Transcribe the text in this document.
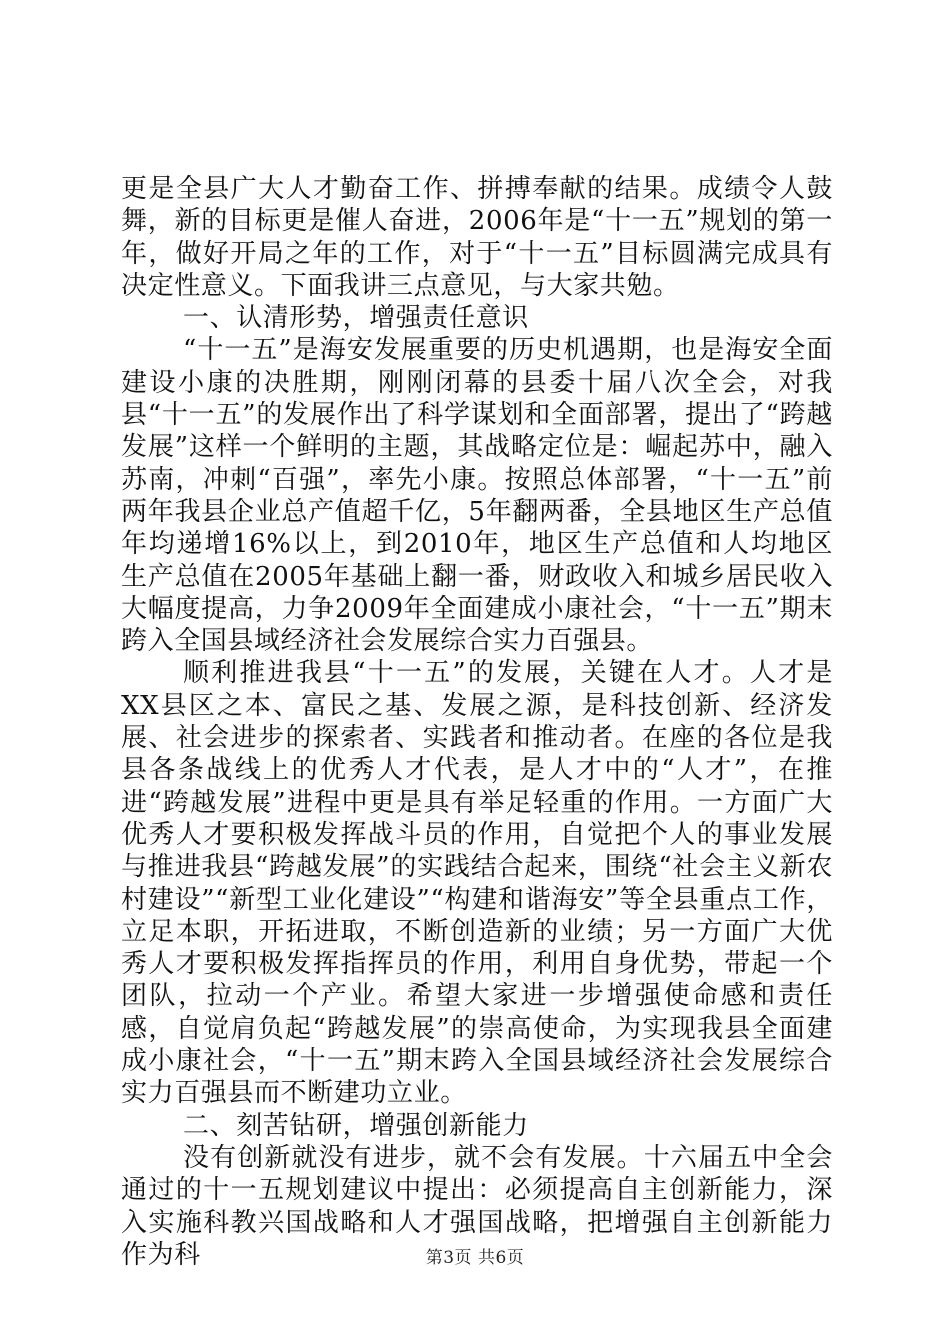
更是全县广大人才勤奋工作、拼搏奉献的结果。成绩令人鼓舞，新的目标更是催人奋进，2006年是“十一五”规划的第一年，做好开局之年的工作，对于“十一五”目标圆满完成具有决定性意义。下面我讲三点意见，与大家共勉。

一、认清形势，增强责任意识

“十一五”是海安发展重要的历史机遇期，也是海安全面建设小康的决胜期，刚刚闭幕的县委十届八次全会，对我县“十一五”的发展作出了科学谋划和全面部署，提出了“跨越发展”这样一个鲜明的主题，其战略定位是：崛起苏中，融入苏南，冲刺“百强”，率先小康。按照总体部署，“十一五”前两年我县企业总产值超千亿，5年翻两番，全县地区生产总值年均递增16%以上，到2010年，地区生产总值和人均地区生产总值在2005年基础上翻一番，财政收入和城乡居民收入大幅度提高，力争2009年全面建成小康社会，“十一五”期末跨入全国县域经济社会发展综合实力百强县。

顺利推进我县“十一五”的发展，关键在人才。人才是XX县区之本、富民之基、发展之源，是科技创新、经济发展、社会进步的探索者、实践者和推动者。在座的各位是我县各条战线上的优秀人才代表，是人才中的“人才”，在推进“跨越发展”进程中更是具有举足轻重的作用。一方面广大优秀人才要积极发挥战斗员的作用，自觉把个人的事业发展与推进我县“跨越发展”的实践结合起来，围绕“社会主义新农村建设”“新型工业化建设”“构建和谐海安”等全县重点工作，立足本职，开拓进取，不断创造新的业绩；另一方面广大优秀人才要积极发挥指挥员的作用，利用自身优势，带起一个团队，拉动一个产业。希望大家进一步增强使命感和责任感，自觉肩负起“跨越发展”的崇高使命，为实现我县全面建成小康社会，“十一五”期末跨入全国县域经济社会发展综合实力百强县而不断建功立业。

二、刻苦钻研，增强创新能力

没有创新就没有进步，就不会有发展。十六届五中全会通过的十一五规划建议中提出：必须提高自主创新能力，深入实施科教兴国战略和人才强国战略，把增强自主创新能力作为科	第3页 共6页
